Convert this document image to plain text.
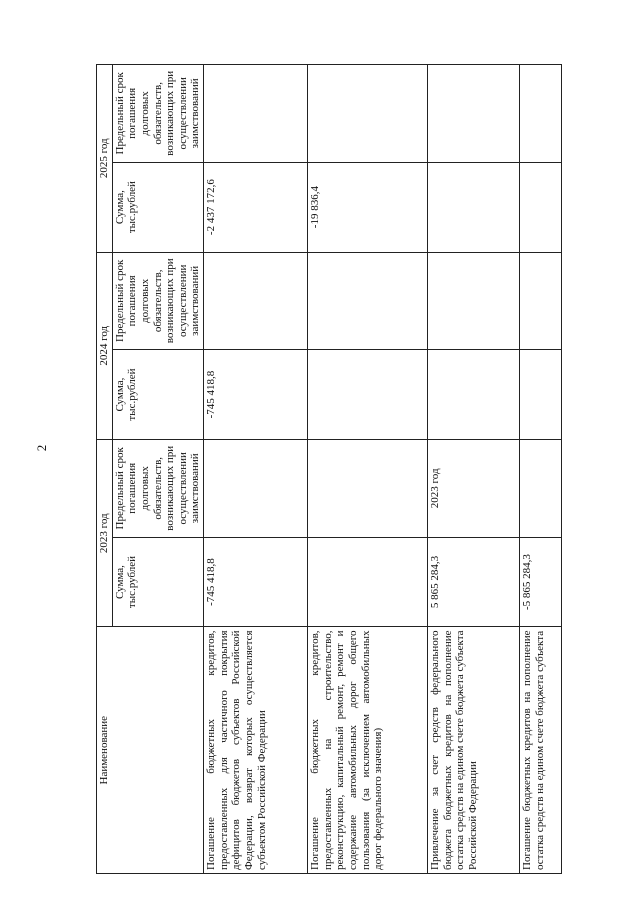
2
Наименование	2023 год		2024 год		2025 год	
	Сумма, тыс.рублей	Предельный срок погашения долговых обязательств, возникающих при осуществлении заимствований	Сумма, тыс.рублей	Предельный срок погашения долговых обязательств, возникающих при осуществлении заимствований	Сумма, тыс.рублей	Предельный срок погашения долговых обязательств, возникающих при осуществлении заимствований
Погашение бюджетных кредитов, предоставленных для частичного покрытия дефицитов бюджетов субъектов Российской Федерации, возврат которых осуществляется субъектом Российской Федерации	-745 418,8		-745 418,8		-2 437 172,6	
Погашение бюджетных кредитов, предоставленных на строительство, реконструкцию, капитальный ремонт, ремонт и содержание автомобильных дорог общего пользования (за исключением автомобильных дорог федерального значения)					-19 836,4	
Привлечение за счет средств федерального бюджета бюджетных кредитов на пополнение остатка средств на едином счете бюджета субъекта Российской Федерации	5 865 284,3	2023 год				
Погашение бюджетных кредитов на пополнение остатка средств на едином счете бюджета субъекта	-5 865 284,3					
